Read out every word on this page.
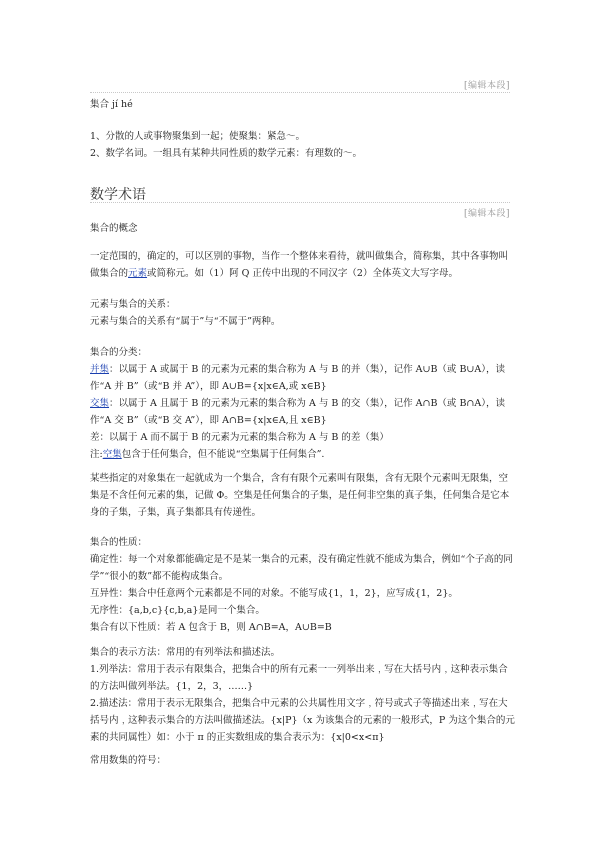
[编辑本段]

集合 jí hé

1、分散的人或事物聚集到一起；使聚集：紧急～。

2、数学名词。一组具有某种共同性质的数学元素：有理数的～。

数学术语
[编辑本段]

集合的概念

一定范围的，确定的，可以区别的事物，当作一个整体来看待，就叫做集合，简称集，其中各事物叫做集合的元素或简称元。如（1）阿 Q 正传中出现的不同汉字（2）全体英文大写字母。

元素与集合的关系：

元素与集合的关系有“属于”与“不属于”两种。

集合的分类：

并集：以属于 A 或属于 B 的元素为元素的集合称为 A 与 B 的并（集），记作 A∪B（或 B∪A），读作“A 并 B”（或“B 并 A”），即 A∪B={x|x∈A,或 x∈B}

交集：以属于 A 且属于 B 的元素为元素的集合称为 A 与 B 的交（集），记作 A∩B（或 B∩A），读作“A 交 B”（或“B 交 A”），即 A∩B={x|x∈A,且 x∈B}

差：以属于 A 而不属于 B 的元素为元素的集合称为 A 与 B 的差（集）

注:空集包含于任何集合，但不能说“空集属于任何集合”.

某些指定的对象集在一起就成为一个集合，含有有限个元素叫有限集，含有无限个元素叫无限集，空集是不含任何元素的集，记做 Φ。空集是任何集合的子集，是任何非空集的真子集，任何集合是它本身的子集，子集，真子集都具有传递性。

集合的性质：

确定性：每一个对象都能确定是不是某一集合的元素，没有确定性就不能成为集合，例如“个子高的同学”“很小的数”都不能构成集合。

互异性：集合中任意两个元素都是不同的对象。不能写成{1，1，2}，应写成{1，2}。

无序性：{a,b,c}{c,b,a}是同一个集合。

集合有以下性质：若 A 包含于 B，则 A∩B=A，A∪B=B

集合的表示方法：常用的有列举法和描述法。

1.列举法：常用于表示有限集合，把集合中的所有元素一一列举出来﹐写在大括号内﹐这种表示集合的方法叫做列举法。{1，2，3，……}

2.描述法：常用于表示无限集合，把集合中元素的公共属性用文字﹐符号或式子等描述出来﹐写在大括号内﹐这种表示集合的方法叫做描述法。{x|P}（x 为该集合的元素的一般形式，P 为这个集合的元素的共同属性）如：小于 π 的正实数组成的集合表示为：{x|0<x<π}

常用数集的符号：
